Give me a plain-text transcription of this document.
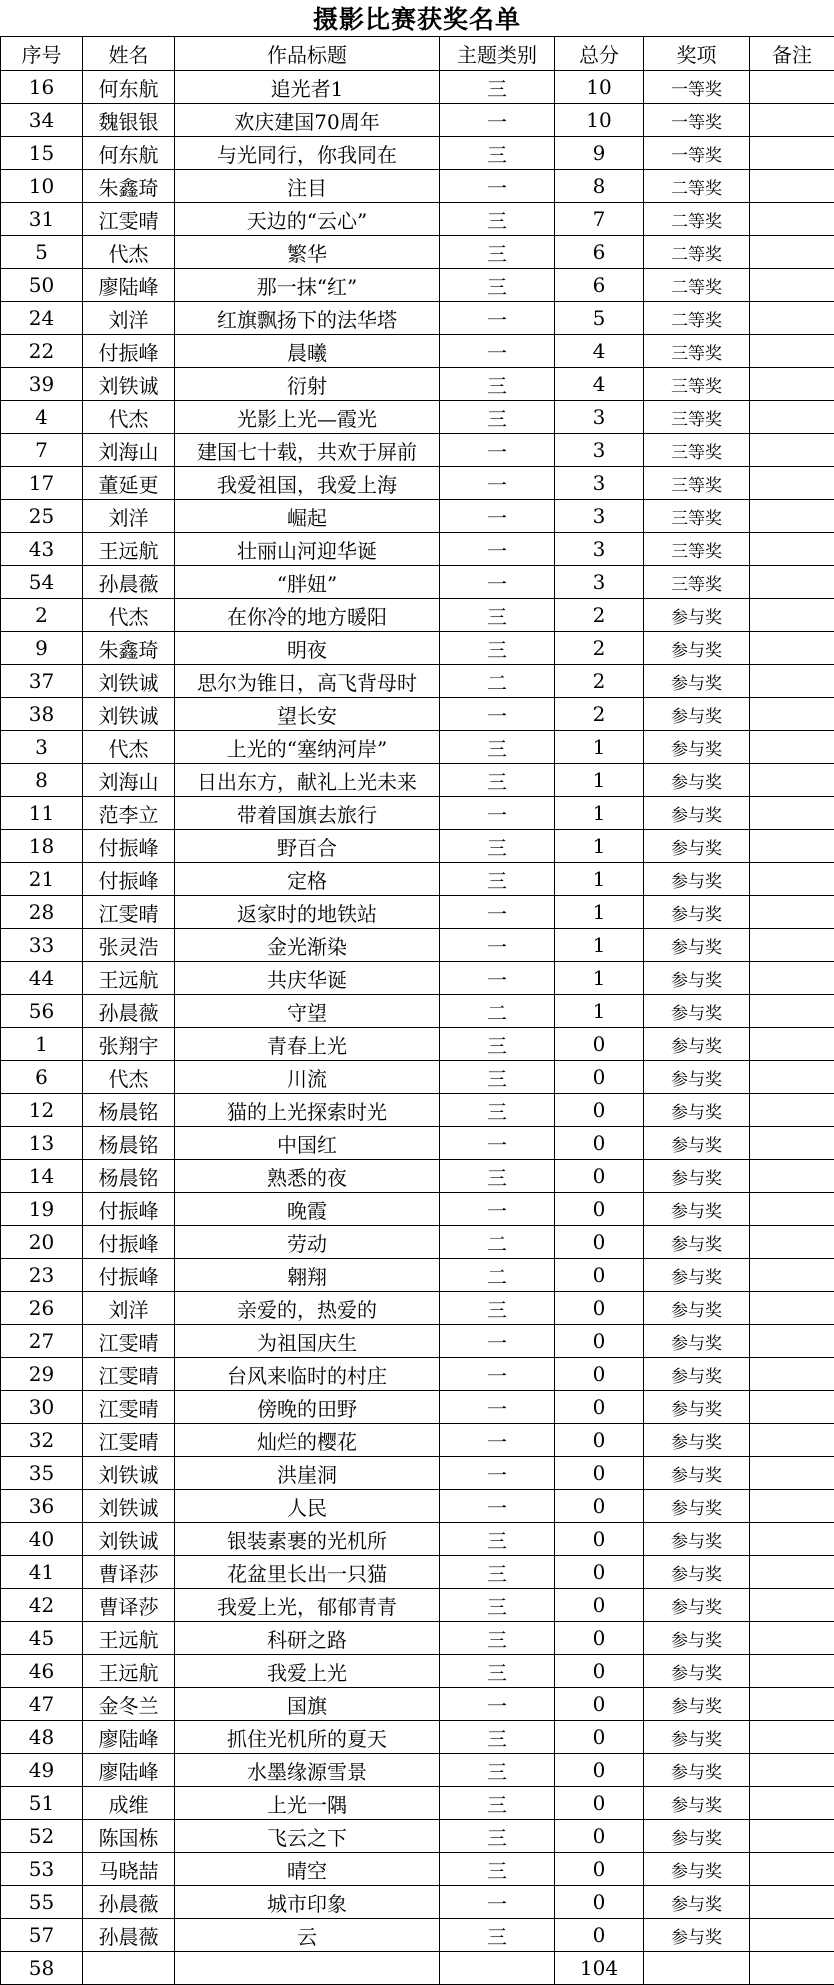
摄影比赛获奖名单
序号	姓名	作品标题	主题类别	总分	奖项	备注
16	何东航	追光者1	三	10	一等奖	
34	魏银银	欢庆建国70周年	一	10	一等奖	
15	何东航	与光同行，你我同在	三	9	一等奖	
10	朱鑫琦	注目	一	8	二等奖	
31	江雯晴	天边的“云心”	三	7	二等奖	
5	代杰	繁华	三	6	二等奖	
50	廖陆峰	那一抹“红”	三	6	二等奖	
24	刘洋	红旗飘扬下的法华塔	一	5	二等奖	
22	付振峰	晨曦	一	4	三等奖	
39	刘铁诚	衍射	三	4	三等奖	
4	代杰	光影上光—霞光	三	3	三等奖	
7	刘海山	建国七十载，共欢于屏前	一	3	三等奖	
17	董延更	我爱祖国，我爱上海	一	3	三等奖	
25	刘洋	崛起	一	3	三等奖	
43	王远航	壮丽山河迎华诞	一	3	三等奖	
54	孙晨薇	“胖妞”	一	3	三等奖	
2	代杰	在你冷的地方暖阳	三	2	参与奖	
9	朱鑫琦	明夜	三	2	参与奖	
37	刘铁诚	思尔为锥日，高飞背母时	二	2	参与奖	
38	刘铁诚	望长安	一	2	参与奖	
3	代杰	上光的“塞纳河岸”	三	1	参与奖	
8	刘海山	日出东方，献礼上光未来	三	1	参与奖	
11	范李立	带着国旗去旅行	一	1	参与奖	
18	付振峰	野百合	三	1	参与奖	
21	付振峰	定格	三	1	参与奖	
28	江雯晴	返家时的地铁站	一	1	参与奖	
33	张灵浩	金光渐染	一	1	参与奖	
44	王远航	共庆华诞	一	1	参与奖	
56	孙晨薇	守望	二	1	参与奖	
1	张翔宇	青春上光	三	0	参与奖	
6	代杰	川流	三	0	参与奖	
12	杨晨铭	猫的上光探索时光	三	0	参与奖	
13	杨晨铭	中国红	一	0	参与奖	
14	杨晨铭	熟悉的夜	三	0	参与奖	
19	付振峰	晚霞	一	0	参与奖	
20	付振峰	劳动	二	0	参与奖	
23	付振峰	翱翔	二	0	参与奖	
26	刘洋	亲爱的，热爱的	三	0	参与奖	
27	江雯晴	为祖国庆生	一	0	参与奖	
29	江雯晴	台风来临时的村庄	一	0	参与奖	
30	江雯晴	傍晚的田野	一	0	参与奖	
32	江雯晴	灿烂的樱花	一	0	参与奖	
35	刘铁诚	洪崖洞	一	0	参与奖	
36	刘铁诚	人民	一	0	参与奖	
40	刘铁诚	银装素裹的光机所	三	0	参与奖	
41	曹译莎	花盆里长出一只猫	三	0	参与奖	
42	曹译莎	我爱上光，郁郁青青	三	0	参与奖	
45	王远航	科研之路	三	0	参与奖	
46	王远航	我爱上光	三	0	参与奖	
47	金冬兰	国旗	一	0	参与奖	
48	廖陆峰	抓住光机所的夏天	三	0	参与奖	
49	廖陆峰	水墨缘源雪景	三	0	参与奖	
51	成维	上光一隅	三	0	参与奖	
52	陈国栋	飞云之下	三	0	参与奖	
53	马晓喆	晴空	三	0	参与奖	
55	孙晨薇	城市印象	一	0	参与奖	
57	孙晨薇	云	三	0	参与奖	
58				104		
